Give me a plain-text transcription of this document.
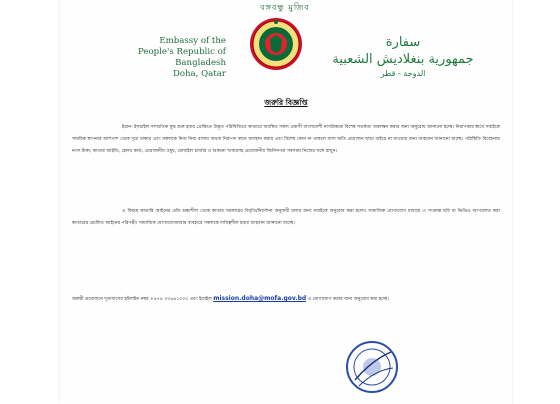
বঙ্গবন্ধু মুজিব
Embassy of the
People's Republic of Bangladesh
Doha, Qatar
سفارة
جمهورية بنغلاديش الشعبية
الدوحة - قطر
জরুরি বিজ্ঞপ্তি
ইরান- ইসরাইল সাম্প্রতিক যুদ্ধ শুরু হবার প্রেক্ষিতে উদ্ভূত পরিস্থিতিতে কাতারে অবস্থিত সকল প্রবাসী বাংলাদেশী নাগরিককে বিশেষ সতর্কতা অবলম্বন করার জন্য অনুরোধ জানানো হচ্ছে। নিরাপত্তার স্বার্থে সবাইকে সামরিক স্থাপনার আশপাশ থেকে দূরে থাকার এবং সকলকে নিজ নিজ বাসায় অথবা নিরাপদ স্থানে অবস্থান করার এবং বিশেষ কোন না থাকলে বাসা অতি প্রয়োজন ছাড়া বাইরে না যাওয়ার জন্য আহবান জানানো যাচ্ছে। পরিস্থিতি বিবেচনায় নগদ টাকা, কাতার আইডি, হেলথ কার্ড, প্রয়োজনীয় ওষুধ, মোবাইল চার্জার ও শুকনো খাবারসহ প্রয়োজনীয় জিনিসপত্র সবসময় নিজের সঙ্গে রাখুন।
এ বিষয়ে কাতারি আইনের প্রতি শ্রদ্ধাশীল থেকে কাতার সরকারের বিবৃতি/নির্দেশনা অনুযায়ী চলার জন্য সবাইকে অনুরোধ করা হলো। সামাজিক যোগাযোগ মাধ্যমে এ সংক্রান্ত ছবি বা ভিডিও আপলোড করা কাতারের প্রচলিত আইনের পরিপন্থী। সামাজিক যোগাযোগমাধ্যম ব্যবহারে সকলকে দায়িত্বশীল হবার আহবান জানানো যাচ্ছে।
জরুরী প্রয়োজনে দূতাবাসের হটলাইন নম্বর +৯৭৪ ৩৩৬৬১০০০ এবং ইমেইল mission.doha@mofa.gov.bd এ যোগাযোগ করার জন্য অনুরোধ করা হচ্ছে।
